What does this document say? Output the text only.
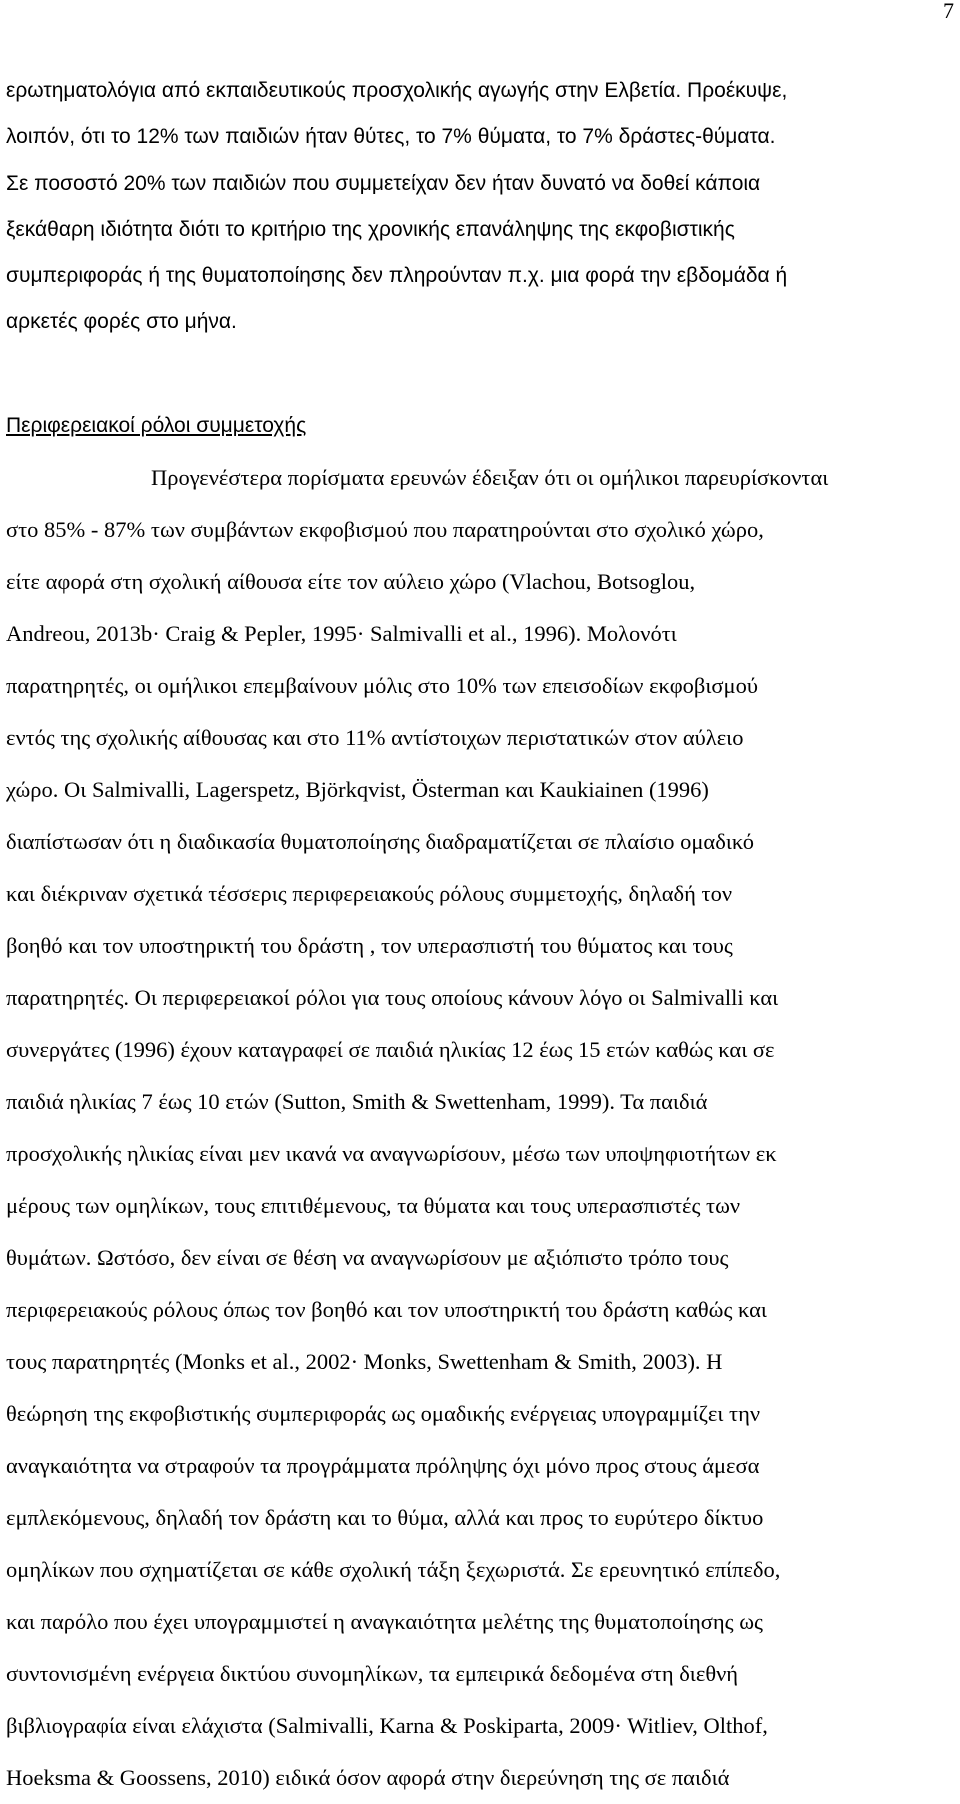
7
ερωτηματολόγια από εκπαιδευτικούς προσχολικής αγωγής στην Ελβετία. Προέκυψε,
λοιπόν, ότι το 12% των παιδιών ήταν θύτες, το 7% θύματα, το 7% δράστες-θύματα.
Σε ποσοστό 20% των παιδιών που συμμετείχαν δεν ήταν δυνατό να δοθεί κάποια
ξεκάθαρη ιδιότητα διότι το κριτήριο της χρονικής επανάληψης της εκφοβιστικής
συμπεριφοράς ή της θυματοποίησης δεν πληρούνταν π.χ. μια φορά την εβδομάδα ή
αρκετές φορές στο μήνα.
Περιφερειακοί ρόλοι συμμετοχής
Προγενέστερα πορίσματα ερευνών έδειξαν ότι οι ομήλικοι παρευρίσκονται
στο 85% - 87% των συμβάντων εκφοβισμού που παρατηρούνται στο σχολικό χώρο,
είτε αφορά στη σχολική αίθουσα είτε τον αύλειο χώρο (Vlachou, Botsoglou,
Andreou, 2013b· Craig & Pepler, 1995· Salmivalli et al., 1996). Μολονότι
παρατηρητές, οι ομήλικοι επεμβαίνουν μόλις στο 10% των επεισοδίων εκφοβισμού
εντός της σχολικής αίθουσας και στο 11% αντίστοιχων περιστατικών στον αύλειο
χώρο. Οι Salmivalli, Lagerspetz, Björkqvist, Österman και Kaukiainen (1996)
διαπίστωσαν ότι η διαδικασία θυματοποίησης διαδραματίζεται σε πλαίσιο ομαδικό
και διέκριναν σχετικά τέσσερις περιφερειακούς ρόλους συμμετοχής, δηλαδή τον
βοηθό και τον υποστηρικτή του δράστη , τον υπερασπιστή του θύματος και τους
παρατηρητές. Οι περιφερειακοί ρόλοι για τους οποίους κάνουν λόγο οι Salmivalli και
συνεργάτες (1996) έχουν καταγραφεί σε παιδιά ηλικίας 12 έως 15 ετών καθώς και σε
παιδιά ηλικίας 7 έως 10 ετών (Sutton, Smith & Swettenham, 1999). Τα παιδιά
προσχολικής ηλικίας είναι μεν ικανά να αναγνωρίσουν, μέσω των υποψηφιοτήτων εκ
μέρους των ομηλίκων, τους επιτιθέμενους, τα θύματα και τους υπερασπιστές των
θυμάτων. Ωστόσο, δεν είναι σε θέση να αναγνωρίσουν με αξιόπιστο τρόπο τους
περιφερειακούς ρόλους όπως τον βοηθό και τον υποστηρικτή του δράστη καθώς και
τους παρατηρητές (Monks et al., 2002· Monks, Swettenham & Smith, 2003). Η
θεώρηση της εκφοβιστικής συμπεριφοράς ως ομαδικής ενέργειας υπογραμμίζει την
αναγκαιότητα να στραφούν τα προγράμματα πρόληψης όχι μόνο προς στους άμεσα
εμπλεκόμενους, δηλαδή τον δράστη και το θύμα, αλλά και προς το ευρύτερο δίκτυο
ομηλίκων που σχηματίζεται σε κάθε σχολική τάξη ξεχωριστά. Σε ερευνητικό επίπεδο,
και παρόλο που έχει υπογραμμιστεί η αναγκαιότητα μελέτης της θυματοποίησης ως
συντονισμένη ενέργεια δικτύου συνομηλίκων, τα εμπειρικά δεδομένα στη διεθνή
βιβλιογραφία είναι ελάχιστα (Salmivalli, Karna & Poskiparta, 2009· Witliev, Olthof,
Hoeksma & Goossens, 2010) ειδικά όσον αφορά στην διερεύνηση της σε παιδιά
